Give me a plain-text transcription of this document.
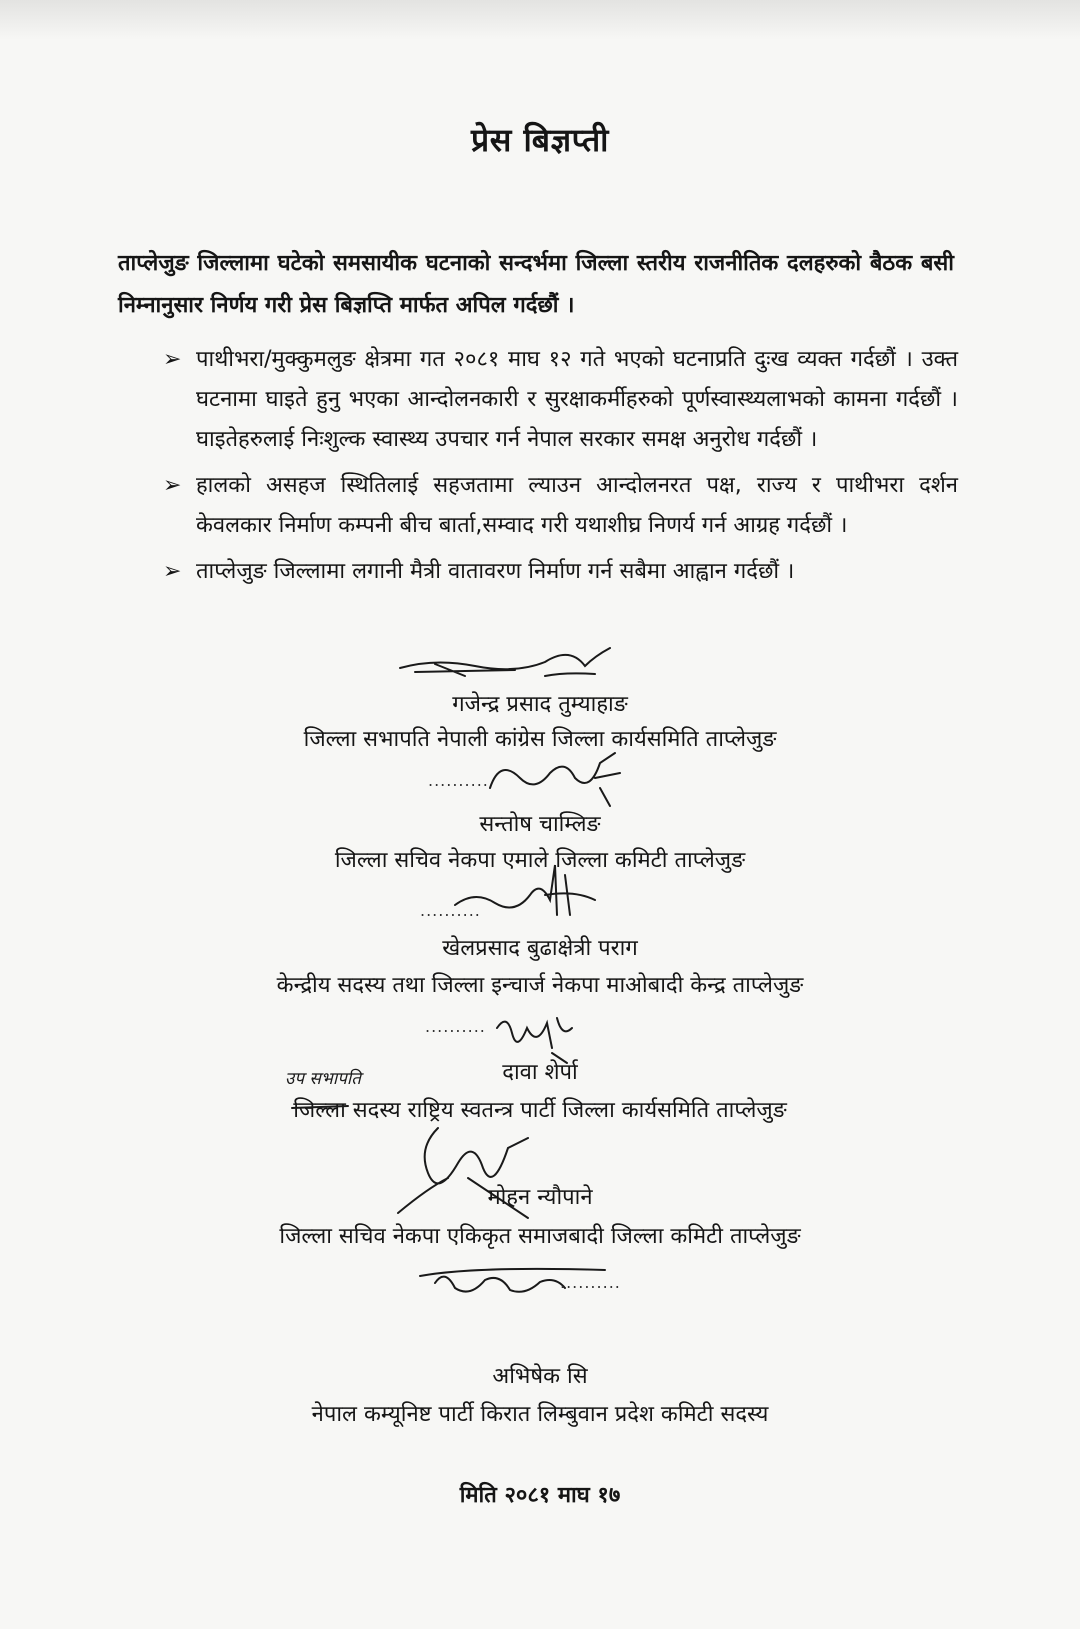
प्रेस बिज्ञप्ती
ताप्लेजुङ जिल्लामा घटेको समसायीक घटनाको सन्दर्भमा जिल्ला स्तरीय राजनीतिक दलहरुको बैठक बसी निम्नानुसार निर्णय गरी प्रेस बिज्ञप्ति मार्फत अपिल गर्दछौं ।
➢ पाथीभरा/मुक्कुमलुङ क्षेत्रमा गत २०८१ माघ १२ गते भएको घटनाप्रति दुःख व्यक्त गर्दछौं । उक्त घटनामा घाइते हुनु भएका आन्दोलनकारी र सुरक्षाकर्मीहरुको पूर्णस्वास्थ्यलाभको कामना गर्दछौं । घाइतेहरुलाई निःशुल्क स्वास्थ्य उपचार गर्न नेपाल सरकार समक्ष अनुरोध गर्दछौं ।
➢ हालको असहज स्थितिलाई सहजतामा ल्याउन आन्दोलनरत पक्ष, राज्य र पाथीभरा दर्शन केवलकार निर्माण कम्पनी बीच बार्ता,सम्वाद गरी यथाशीघ्र निणर्य गर्न आग्रह गर्दछौं ।
➢ ताप्लेजुङ जिल्लामा लगानी मैत्री वातावरण निर्माण गर्न सबैमा आह्वान गर्दछौं ।
गजेन्द्र प्रसाद तुम्याहाङ
जिल्ला सभापति नेपाली कांग्रेस जिल्ला कार्यसमिति ताप्लेजुङ
..........
सन्तोष चाम्लिङ
जिल्ला सचिव नेकपा एमाले जिल्ला कमिटी ताप्लेजुङ
..........
खेलप्रसाद बुढाक्षेत्री पराग
केन्द्रीय सदस्य तथा जिल्ला इन्चार्ज नेकपा माओबादी केन्द्र ताप्लेजुङ
..........
दावा शेर्पा
उप सभापति
जिल्ला सदस्य राष्ट्रिय स्वतन्त्र पार्टी जिल्ला कार्यसमिति ताप्लेजुङ
मोहन न्यौपाने
जिल्ला सचिव नेकपा एकिकृत समाजबादी जिल्ला कमिटी ताप्लेजुङ
..........
अभिषेक सि
नेपाल कम्यूनिष्ट पार्टी किरात लिम्बुवान प्रदेश कमिटी सदस्य
मिति २०८१ माघ १७
